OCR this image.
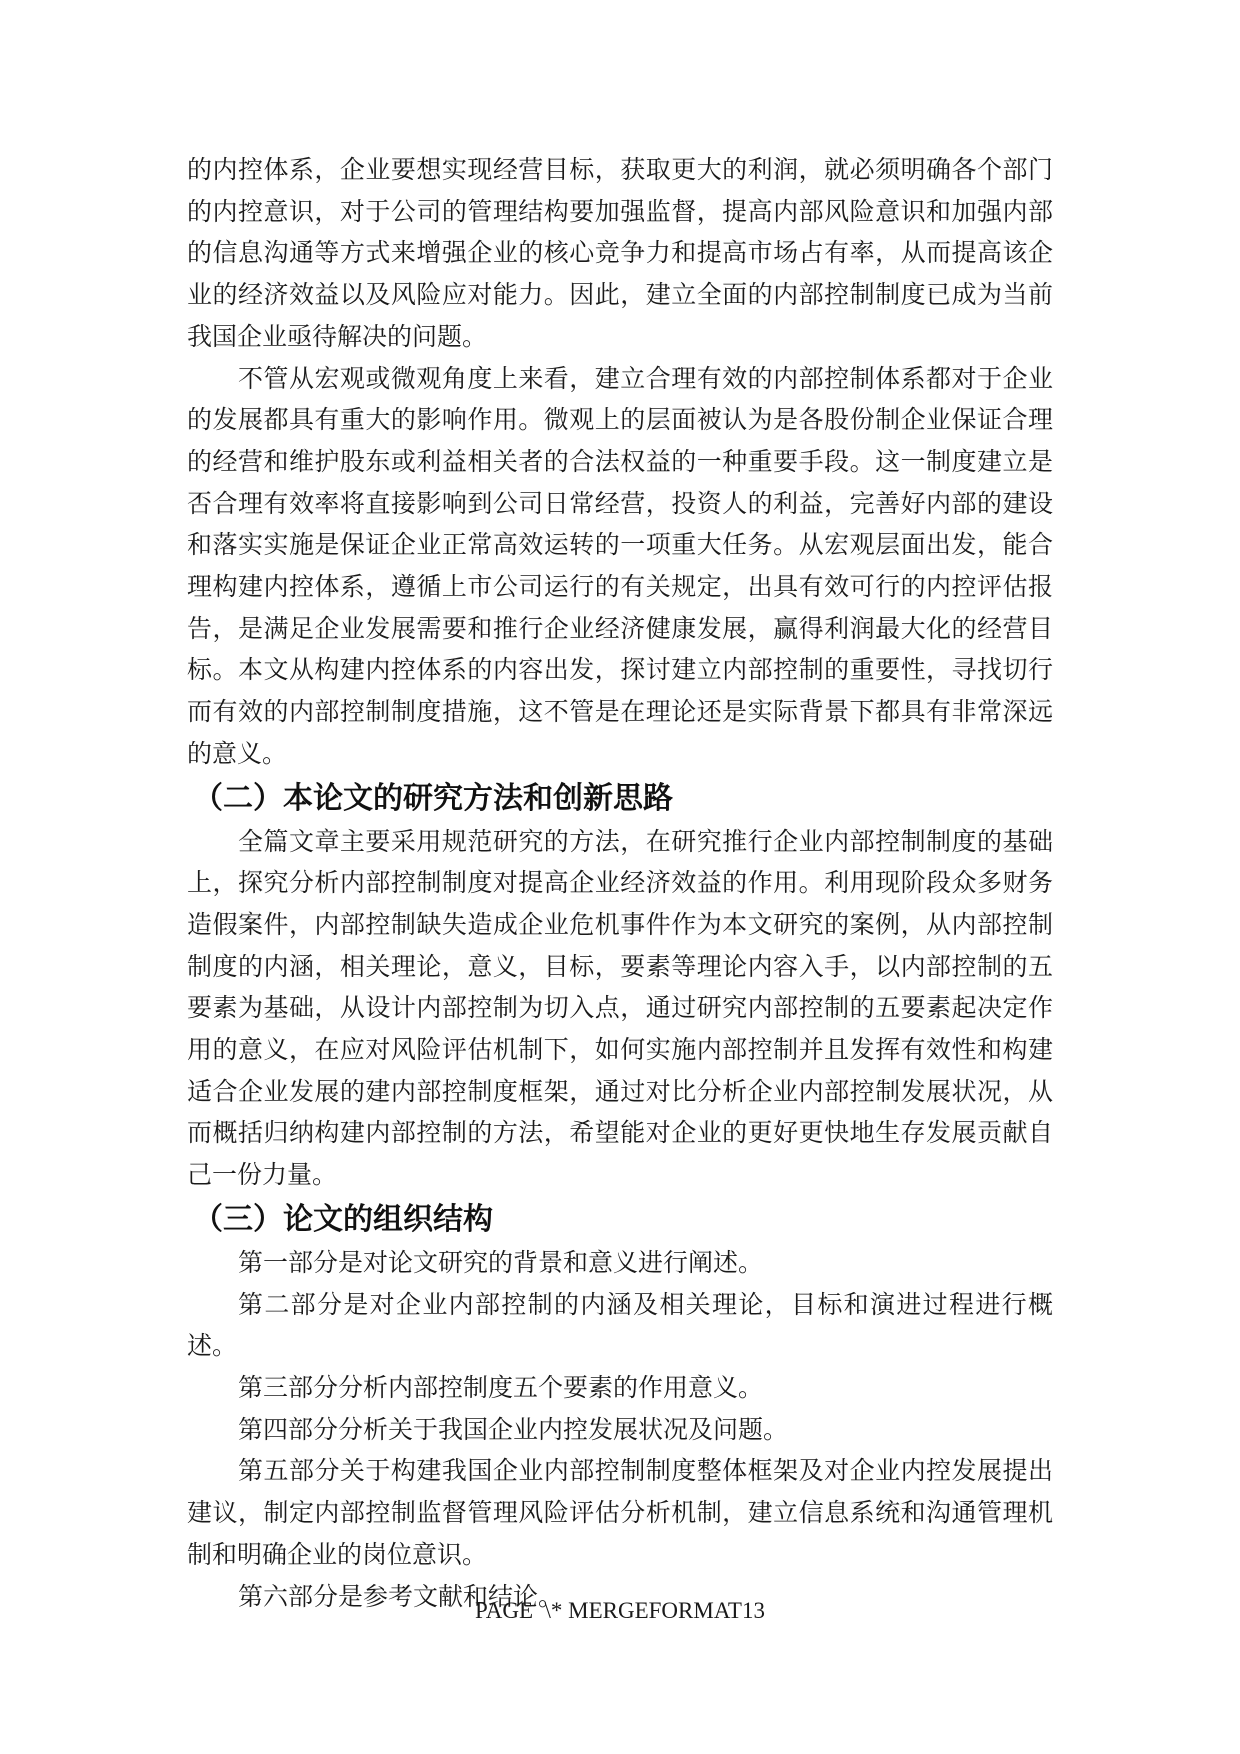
的内控体系，企业要想实现经营目标，获取更大的利润，就必须明确各个部门
的内控意识，对于公司的管理结构要加强监督，提高内部风险意识和加强内部
的信息沟通等方式来增强企业的核心竞争力和提高市场占有率，从而提高该企
业的经济效益以及风险应对能力。因此，建立全面的内部控制制度已成为当前
我国企业亟待解决的问题。
不管从宏观或微观角度上来看，建立合理有效的内部控制体系都对于企业
的发展都具有重大的影响作用。微观上的层面被认为是各股份制企业保证合理
的经营和维护股东或利益相关者的合法权益的一种重要手段。这一制度建立是
否合理有效率将直接影响到公司日常经营，投资人的利益，完善好内部的建设
和落实实施是保证企业正常高效运转的一项重大任务。从宏观层面出发，能合
理构建内控体系，遵循上市公司运行的有关规定，出具有效可行的内控评估报
告，是满足企业发展需要和推行企业经济健康发展，赢得利润最大化的经营目
标。本文从构建内控体系的内容出发，探讨建立内部控制的重要性，寻找切行
而有效的内部控制制度措施，这不管是在理论还是实际背景下都具有非常深远
的意义。
（二）本论文的研究方法和创新思路
全篇文章主要采用规范研究的方法，在研究推行企业内部控制制度的基础
上，探究分析内部控制制度对提高企业经济效益的作用。利用现阶段众多财务
造假案件，内部控制缺失造成企业危机事件作为本文研究的案例，从内部控制
制度的内涵，相关理论，意义，目标，要素等理论内容入手，以内部控制的五
要素为基础，从设计内部控制为切入点，通过研究内部控制的五要素起决定作
用的意义，在应对风险评估机制下，如何实施内部控制并且发挥有效性和构建
适合企业发展的建内部控制度框架，通过对比分析企业内部控制发展状况，从
而概括归纳构建内部控制的方法，希望能对企业的更好更快地生存发展贡献自
己一份力量。
（三）论文的组织结构
第一部分是对论文研究的背景和意义进行阐述。
第二部分是对企业内部控制的内涵及相关理论，目标和演进过程进行概述。
第三部分分析内部控制度五个要素的作用意义。
第四部分分析关于我国企业内控发展状况及问题。
第五部分关于构建我国企业内部控制制度整体框架及对企业内控发展提出
建议，制定内部控制监督管理风险评估分析机制，建立信息系统和沟通管理机
制和明确企业的岗位意识。
第六部分是参考文献和结论。
PAGE  \* MERGEFORMAT13
